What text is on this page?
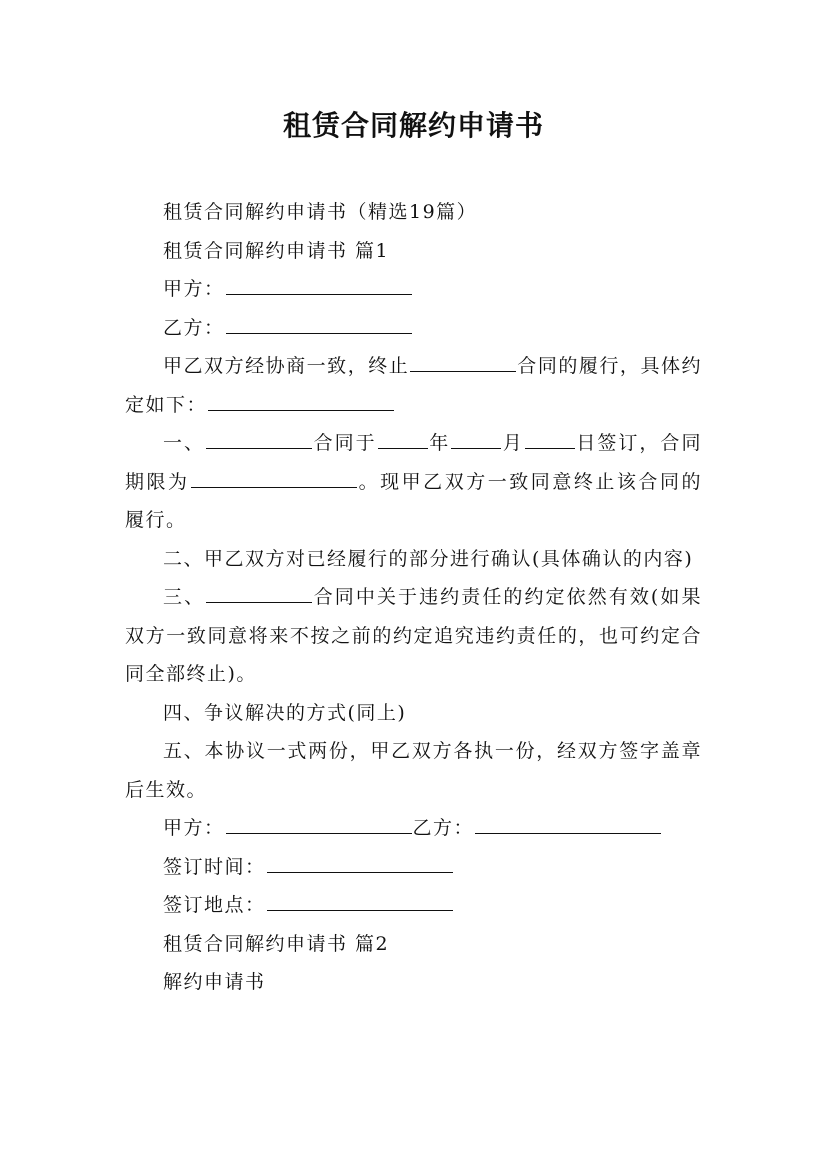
租赁合同解约申请书

租赁合同解约申请书（精选19篇）

租赁合同解约申请书 篇1

甲方：

乙方：

甲乙双方经协商一致，终止	合同的履行，具体约定如下：

一、	合同于	年	月	日签订，合同期限为	。现甲乙双方一致同意终止该合同的履行。

二、甲乙双方对已经履行的部分进行确认(具体确认的内容)

三、	合同中关于违约责任的约定依然有效(如果双方一致同意将来不按之前的约定追究违约责任的，也可约定合同全部终止)。

四、争议解决的方式(同上)

五、本协议一式两份，甲乙双方各执一份，经双方签字盖章后生效。

甲方：	乙方：

签订时间：

签订地点：

租赁合同解约申请书 篇2

解约申请书
